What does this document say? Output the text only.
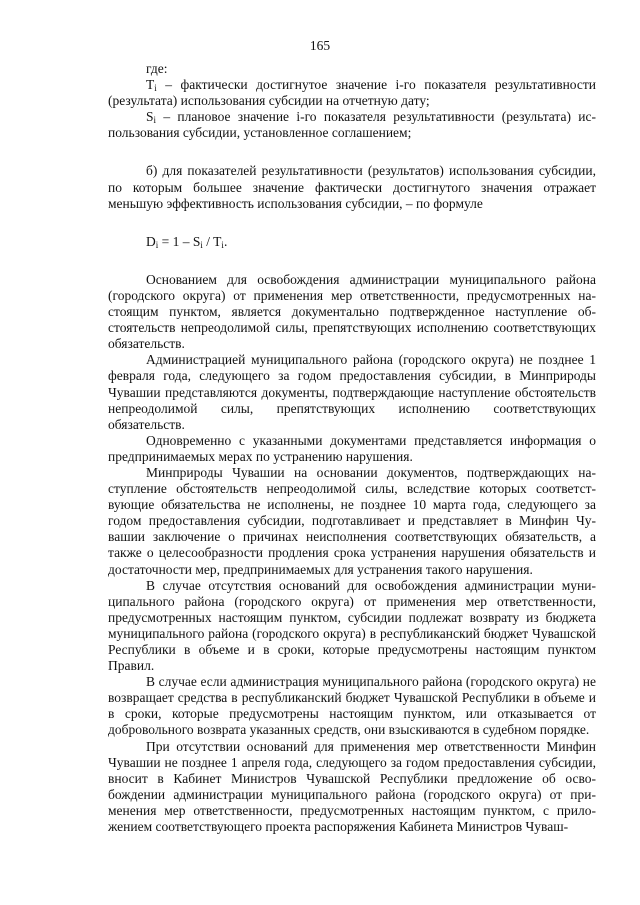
165

где:

$T_i$ – фактически достигнутое значение i-го показателя результативности (результата) использования субсидии на отчетную дату;

$S_i$ – плановое значение i-го показателя результативности (результата) использования субсидии, установленное соглашением;

б) для показателей результативности (результатов) использования субсидии, по которым большее значение фактически достигнутого значения отражает меньшую эффективность использования субсидии, – по формуле

$D_i = 1 - S_i / T_i$.

Основанием для освобождения администрации муниципального района (городского округа) от применения мер ответственности, предусмотренных настоящим пунктом, является документально подтвержденное наступление обстоятельств непреодолимой силы, препятствующих исполнению соответствующих обязательств.

Администрацией муниципального района (городского округа) не позднее 1 февраля года, следующего за годом предоставления субсидии, в Минприроды Чувашии представляются документы, подтверждающие наступление обстоятельств непреодолимой силы, препятствующих исполнению соответствующих обязательств.

Одновременно с указанными документами представляется информация о предпринимаемых мерах по устранению нарушения.

Минприроды Чувашии на основании документов, подтверждающих наступление обстоятельств непреодолимой силы, вследствие которых соответствующие обязательства не исполнены, не позднее 10 марта года, следующего за годом предоставления субсидии, подготавливает и представляет в Минфин Чувашии заключение о причинах неисполнения соответствующих обязательств, а также о целесообразности продления срока устранения нарушения обязательств и достаточности мер, предпринимаемых для устранения такого нарушения.

В случае отсутствия оснований для освобождения администрации муниципального района (городского округа) от применения мер ответственности, предусмотренных настоящим пунктом, субсидии подлежат возврату из бюджета муниципального района (городского округа) в республиканский бюджет Чувашской Республики в объеме и в сроки, которые предусмотрены настоящим пунктом Правил.

В случае если администрация муниципального района (городского округа) не возвращает средства в республиканский бюджет Чувашской Республики в объеме и в сроки, которые предусмотрены настоящим пунктом, или отказывается от добровольного возврата указанных средств, они взыскиваются в судебном порядке.

При отсутствии оснований для применения мер ответственности Минфин Чувашии не позднее 1 апреля года, следующего за годом предоставления субсидии, вносит в Кабинет Министров Чувашской Республики предложение об освобождении администрации муниципального района (городского округа) от применения мер ответственности, предусмотренных настоящим пунктом, с приложением соответствующего проекта распоряжения Кабинета Министров Чуваш-
